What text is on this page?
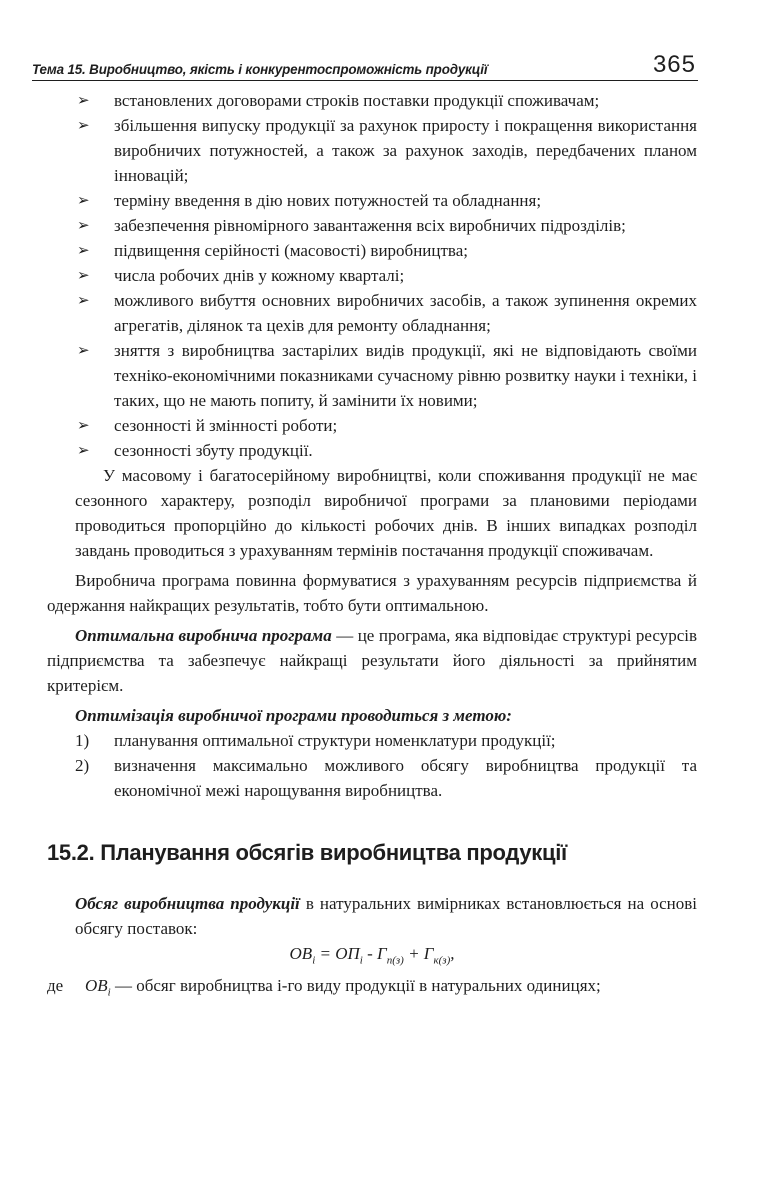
Тема 15. Виробництво, якість і конкурентоспроможність продукції	365
➢ встановлених договорами строків поставки продукції споживачам;
➢ збільшення випуску продукції за рахунок приросту і покращення використання виробничих потужностей, а також за рахунок заходів, передбачених планом інновацій;
➢ терміну введення в дію нових потужностей та обладнання;
➢ забезпечення рівномірного завантаження всіх виробничих підрозділів;
➢ підвищення серійності (масовості) виробництва;
➢ числа робочих днів у кожному кварталі;
➢ можливого вибуття основних виробничих засобів, а також зупинення окремих агрегатів, ділянок та цехів для ремонту обладнання;
➢ зняття з виробництва застарілих видів продукції, які не відповідають своїми техніко-економічними показниками сучасному рівню розвитку науки і техніки, і таких, що не мають попиту, й замінити їх новими;
➢ сезонності й змінності роботи;
➢ сезонності збуту продукції.

У масовому і багатосерійному виробництві, коли споживання продукції не має сезонного характеру, розподіл виробничої програми за плановими періодами проводиться пропорційно до кількості робочих днів. В інших випадках розподіл завдань проводиться з урахуванням термінів постачання продукції споживачам.

Виробнича програма повинна формуватися з урахуванням ресурсів підприємства й одержання найкращих результатів, тобто бути оптимальною.

Оптимальна виробнича програма — це програма, яка відповідає структурі ресурсів підприємства та забезпечує найкращі результати його діяльності за прийнятим критерієм.

Оптимізація виробничої програми проводиться з метою:

1) планування оптимальної структури номенклатури продукції;
2) визначення максимально можливого обсягу виробництва продукції та економічної межі нарощування виробництва.
15.2. Планування обсягів виробництва продукції

Обсяг виробництва продукції в натуральних вимірниках встановлюється на основі обсягу поставок:

$ОВ_i = ОП_i - Г_{п(з)} + Г_{к(з)}$,
де $ОВ_i$ — обсяг виробництва i-го виду продукції в натуральних одиницях;
